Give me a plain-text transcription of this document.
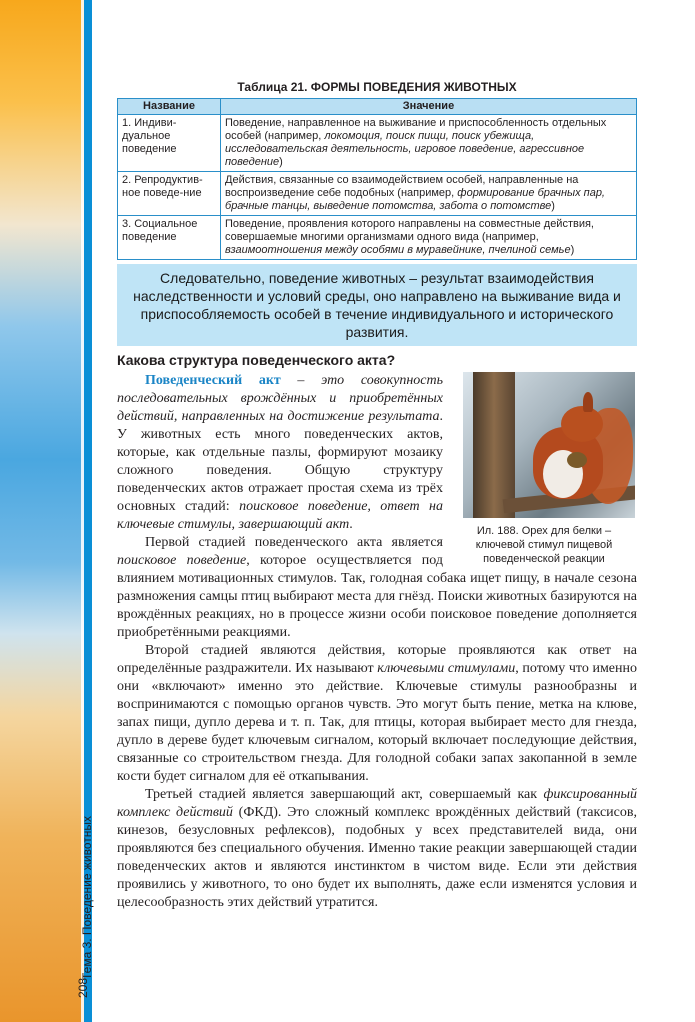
Тема 3. Поведение животных
208
Таблица 21. ФОРМЫ ПОВЕДЕНИЯ ЖИВОТНЫХ
Название	Значение
1. Индиви-дуальное поведение	Поведение, направленное на выживание и приспособленность отдельных особей (например, локомоция, поиск пищи, поиск убежища, исследовательская деятельность, игровое поведение, агрессивное поведение)
2. Репродуктив-ное поведе-ние	Действия, связанные со взаимодействием особей, направленные на воспроизведение себе подобных (например, формирование брачных пар, брачные танцы, выведение потомства, забота о потомстве)
3. Социальное поведение	Поведение, проявления которого направлены на совместные действия, совершаемые многими организмами одного вида (например, взаимоотношения между особями в муравейнике, пчелиной семье)
Следовательно, поведение животных – результат взаимодействия наследственности и условий среды, оно направлено на выживание вида и приспособляемость особей в течение индивидуального и исторического развития.
Какова структура поведенческого акта?
Ил. 188. Орех для белки – ключевой стимул пищевой поведенческой реакции

Поведенческий акт – это совокупность последовательных врождённых и приобретённых действий, направленных на достижение результата. У животных есть много поведенческих актов, которые, как отдельные пазлы, формируют мозаику сложного поведения. Общую структуру поведенческих актов отражает простая схема из трёх основных стадий: поисковое поведение, ответ на ключевые стимулы, завершающий акт.

Первой стадией поведенческого акта является поисковое поведение, которое осуществляется под влиянием мотивационных стимулов. Так, голодная собака ищет пищу, в начале сезона размножения самцы птиц выбирают места для гнёзд. Поиски животных базируются на врождённых реакциях, но в процессе жизни особи поисковое поведение дополняется приобретёнными реакциями.

Второй стадией являются действия, которые проявляются как ответ на определённые раздражители. Их называют ключевыми стимулами, потому что именно они «включают» именно это действие. Ключевые стимулы разнообразны и воспринимаются с помощью органов чувств. Это могут быть пение, метка на клюве, запах пищи, дупло дерева и т. п. Так, для птицы, которая выбирает место для гнезда, дупло в дереве будет ключевым сигналом, который включает последующие действия, связанные со строительством гнезда. Для голодной собаки запах закопанной в земле кости будет сигналом для её откапывания.

Третьей стадией является завершающий акт, совершаемый как фиксированный комплекс действий (ФКД). Это сложный комплекс врождённых действий (таксисов, кинезов, безусловных рефлексов), подобных у всех представителей вида, они проявляются без специального обучения. Именно такие реакции завершающей стадии поведенческих актов и являются инстинктом в чистом виде. Если эти действия проявились у животного, то оно будет их выполнять, даже если изменятся условия и целесообразность этих действий утратится.
